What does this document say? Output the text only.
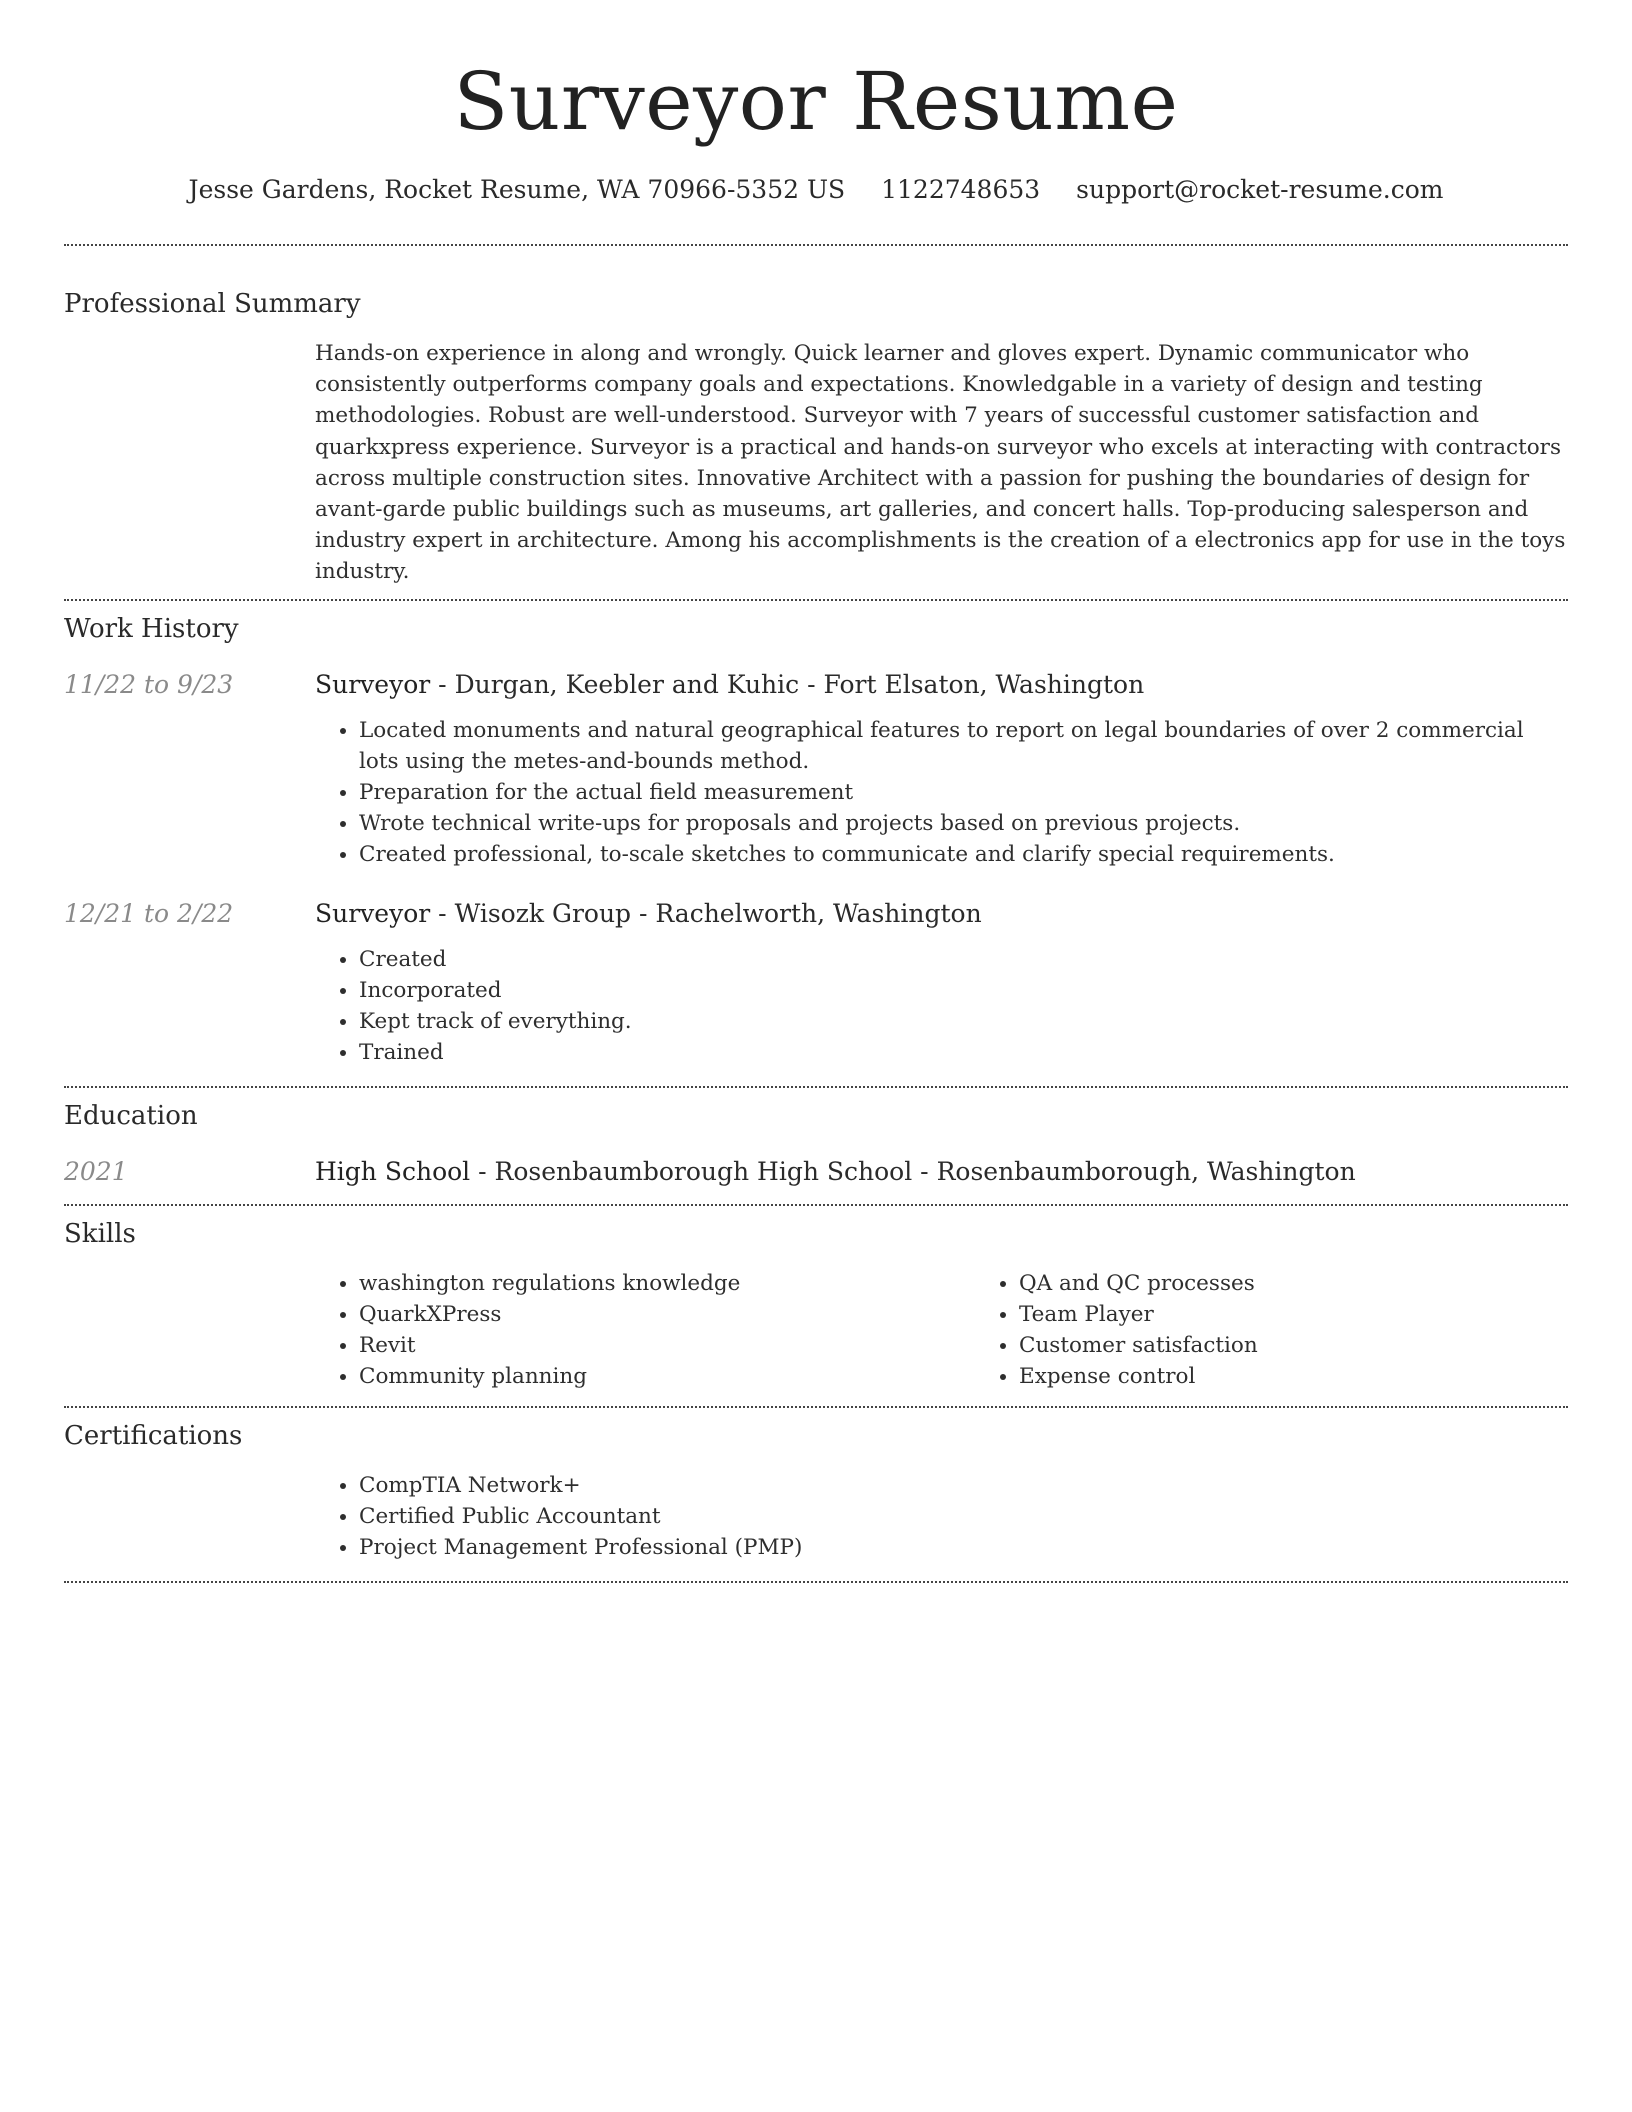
Surveyor Resume
Jesse Gardens, Rocket Resume, WA 70966-5352 US 1122748653 support@rocket-resume.com
Professional Summary

Hands-on experience in along and wrongly. Quick learner and gloves expert. Dynamic communicator who consistently outperforms company goals and expectations. Knowledgable in a variety of design and testing methodologies. Robust are well-understood. Surveyor with 7 years of successful customer satisfaction and quarkxpress experience. Surveyor is a practical and hands-on surveyor who excels at interacting with contractors across multiple construction sites. Innovative Architect with a passion for pushing the boundaries of design for avant-garde public buildings such as museums, art galleries, and concert halls. Top-producing salesperson and industry expert in architecture. Among his accomplishments is the creation of a electronics app for use in the toys industry.

Work History
11/22 to 9/23	Surveyor - Durgan, Keebler and Kuhic - Fort Elsaton, Washington
• Located monuments and natural geographical features to report on legal boundaries of over 2 commercial lots using the metes-and-bounds method.
• Preparation for the actual field measurement
• Wrote technical write-ups for proposals and projects based on previous projects.
• Created professional, to-scale sketches to communicate and clarify special requirements.
12/21 to 2/22	Surveyor - Wisozk Group - Rachelworth, Washington
• Created
• Incorporated
• Kept track of everything.
• Trained
Education
2021	High School - Rosenbaumborough High School - Rosenbaumborough, Washington
Skills
• washington regulations knowledge
• QuarkXPress
• Revit
• Community planning
• QA and QC processes
• Team Player
• Customer satisfaction
• Expense control
Certifications
• CompTIA Network+
• Certified Public Accountant
• Project Management Professional (PMP)
